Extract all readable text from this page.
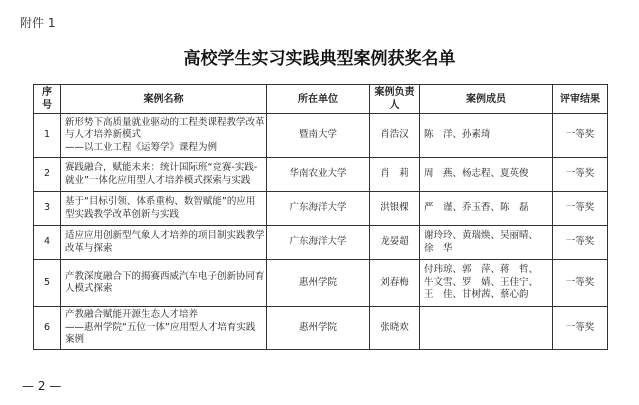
附件 1
高校学生实习实践典型案例获奖名单
序号	案例名称	所在单位	案例负责人	案例成员	评审结果
1	新形势下高质量就业驱动的工程类课程教学改革
与人才培养新模式
——以工业工程《运筹学》课程为例	暨南大学	肖浩汉	陈　洋、孙素琦	一等奖
2	赛践融合，赋能未来：统计国际班“竞赛-实践-
就业”一体化应用型人才培养模式探索与实践	华南农业大学	肖　莉	周　燕、杨志程、夏英俊	一等奖
3	基于“目标引领、体系重构、数智赋能”的应用
型实践教学改革创新与实践	广东海洋大学	洪银棵	严　谨、乔玉香、陈　磊	一等奖
4	适应应用创新型气象人才培养的项目制实践教学
改革与探索	广东海洋大学	龙晏超	谢玲玲、黄瑞焕、吴丽晴、
徐　华	一等奖
5	产教深度融合下的揭赛西威汽车电子创新协同育
人模式探索	惠州学院	刘春梅	付玮琼、郭　萍、蒋　哲、
牛文雪、罗　婧、王佳宁、
王　佳、甘树茜、蔡心韵	一等奖
6	产教融合赋能开源生态人才培养
——惠州学院“五位一体”应用型人才培育实践
案例	惠州学院	张晓欢		一等奖
— 2 —
